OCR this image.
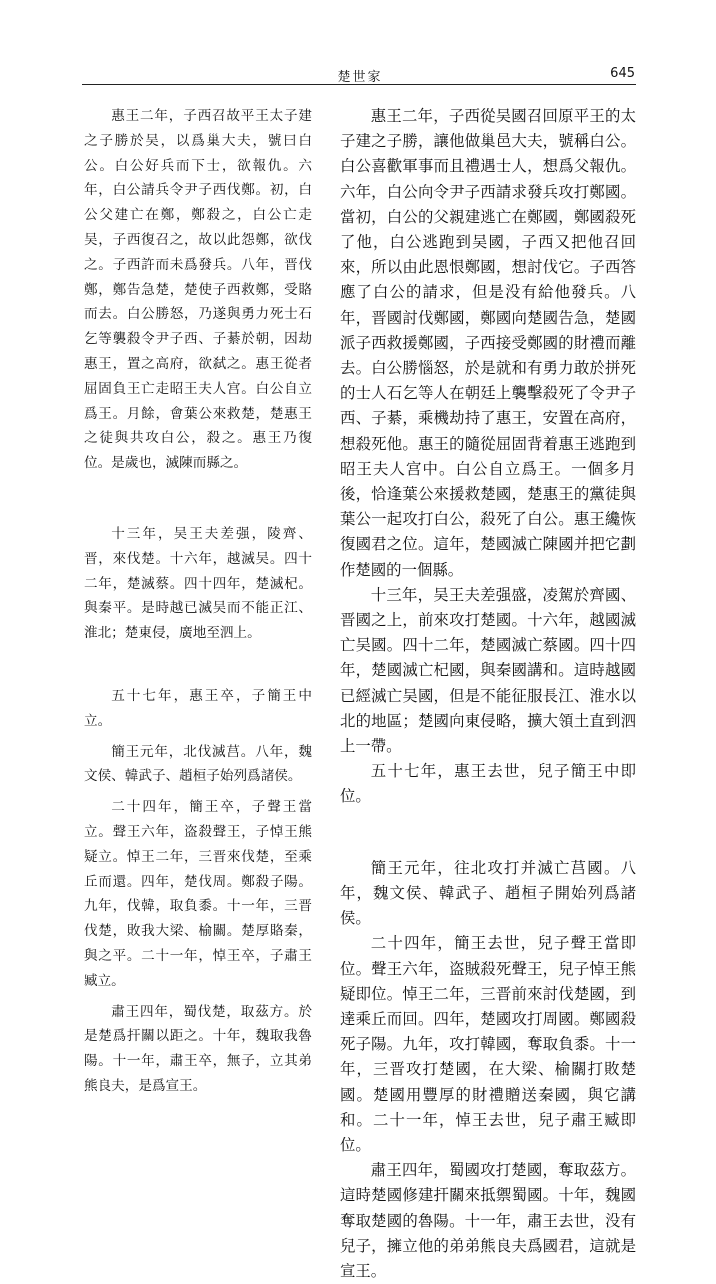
楚世家	645

惠王二年，子西召故平王太子建之子勝於吴，以爲巢大夫，號曰白公。白公好兵而下士，欲報仇。六年，白公請兵令尹子西伐鄭。初，白公父建亡在鄭，鄭殺之，白公亡走吴，子西復召之，故以此怨鄭，欲伐之。子西許而未爲發兵。八年，晋伐鄭，鄭告急楚，楚使子西救鄭，受賂而去。白公勝怒，乃遂與勇力死士石乞等襲殺令尹子西、子綦於朝，因劫惠王，置之高府，欲弑之。惠王從者屈固負王亡走昭王夫人宫。白公自立爲王。月餘，會葉公來救楚，楚惠王之徒與共攻白公，殺之。惠王乃復位。是歲也，滅陳而縣之。

十三年，吴王夫差强，陵齊、晋，來伐楚。十六年，越滅吴。四十二年，楚滅蔡。四十四年，楚滅杞。與秦平。是時越已滅吴而不能正江、淮北；楚東侵，廣地至泗上。

五十七年，惠王卒，子簡王中立。

簡王元年，北伐滅莒。八年，魏文侯、韓武子、趙桓子始列爲諸侯。

二十四年，簡王卒，子聲王當立。聲王六年，盗殺聲王，子悼王熊疑立。悼王二年，三晋來伐楚，至乘丘而還。四年，楚伐周。鄭殺子陽。九年，伐韓，取負黍。十一年，三晋伐楚，敗我大梁、榆關。楚厚賂秦，與之平。二十一年，悼王卒，子肅王臧立。

肅王四年，蜀伐楚，取茲方。於是楚爲扞關以距之。十年，魏取我魯陽。十一年，肅王卒，無子，立其弟熊良夫，是爲宣王。

惠王二年，子西從吴國召回原平王的太子建之子勝，讓他做巢邑大夫，號稱白公。白公喜歡軍事而且禮遇士人，想爲父報仇。六年，白公向令尹子西請求發兵攻打鄭國。當初，白公的父親建逃亡在鄭國，鄭國殺死了他，白公逃跑到吴國，子西又把他召回來，所以由此恩恨鄭國，想討伐它。子西答應了白公的請求，但是没有給他發兵。八年，晋國討伐鄭國，鄭國向楚國告急，楚國派子西救援鄭國，子西接受鄭國的財禮而離去。白公勝惱怒，於是就和有勇力敢於拼死的士人石乞等人在朝廷上襲擊殺死了令尹子西、子綦，乘機劫持了惠王，安置在高府，想殺死他。惠王的隨從屈固背着惠王逃跑到昭王夫人宫中。白公自立爲王。一個多月後，恰逢葉公來援救楚國，楚惠王的黨徒與葉公一起攻打白公，殺死了白公。惠王纔恢復國君之位。這年，楚國滅亡陳國并把它劃作楚國的一個縣。

十三年，吴王夫差强盛，凌駕於齊國、晋國之上，前來攻打楚國。十六年，越國滅亡吴國。四十二年，楚國滅亡蔡國。四十四年，楚國滅亡杞國，與秦國講和。這時越國已經滅亡吴國，但是不能征服長江、淮水以北的地區；楚國向東侵略，擴大領土直到泗上一帶。

五十七年，惠王去世，兒子簡王中即位。

簡王元年，往北攻打并滅亡莒國。八年，魏文侯、韓武子、趙桓子開始列爲諸侯。

二十四年，簡王去世，兒子聲王當即位。聲王六年，盗賊殺死聲王，兒子悼王熊疑即位。悼王二年，三晋前來討伐楚國，到達乘丘而回。四年，楚國攻打周國。鄭國殺死子陽。九年，攻打韓國，奪取負黍。十一年，三晋攻打楚國，在大梁、榆關打敗楚國。楚國用豐厚的財禮贈送秦國，與它講和。二十一年，悼王去世，兒子肅王臧即位。

肅王四年，蜀國攻打楚國，奪取茲方。這時楚國修建扞關來抵禦蜀國。十年，魏國奪取楚國的魯陽。十一年，肅王去世，没有兒子，擁立他的弟弟熊良夫爲國君，這就是宣王。
